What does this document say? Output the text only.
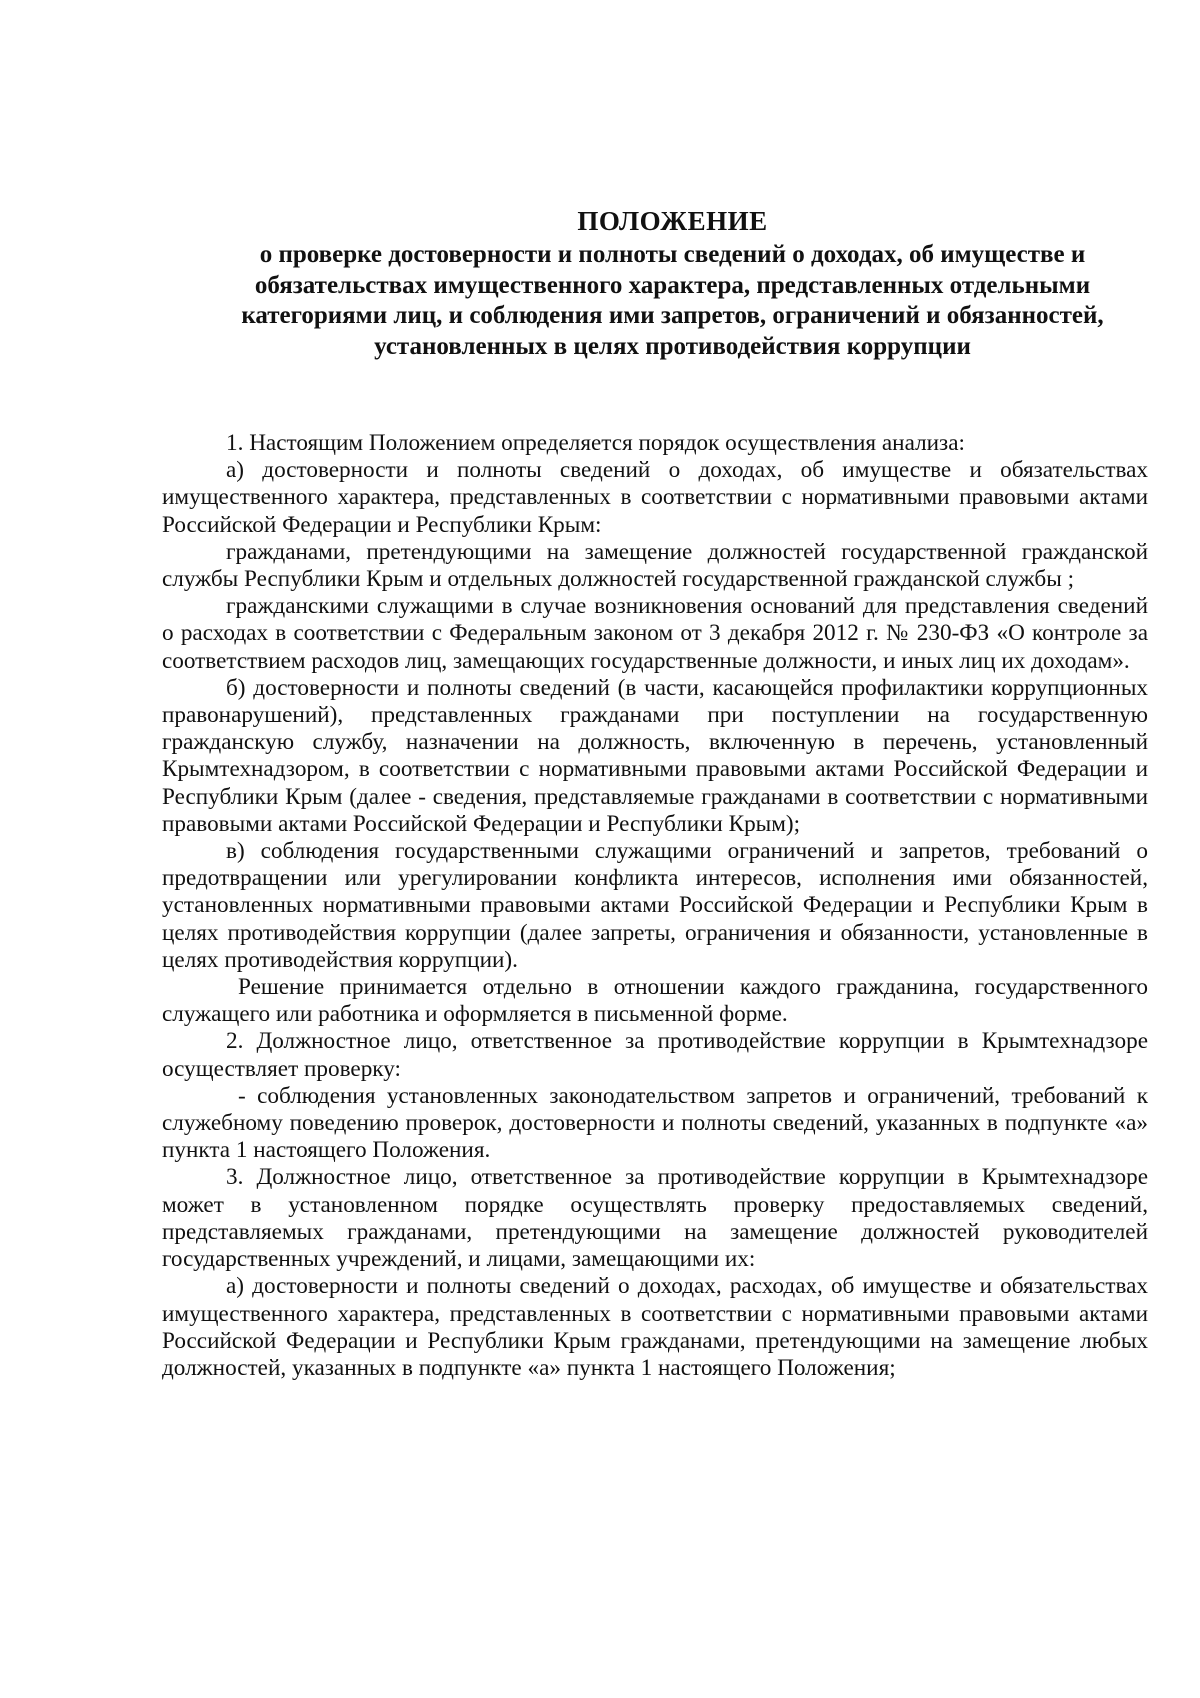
ПОЛОЖЕНИЕ
о проверке достоверности и полноты сведений о доходах, об имуществе и обязательствах имущественного характера, представленных отдельными категориями лиц, и соблюдения ими запретов, ограничений и обязанностей, установленных в целях противодействия коррупции

1. Настоящим Положением определяется порядок осуществления анализа:

а) достоверности и полноты сведений о доходах, об имуществе и обязательствах имущественного характера, представленных в соответствии с нормативными правовыми актами Российской Федерации и Республики Крым:

гражданами, претендующими на замещение должностей государственной гражданской службы Республики Крым и отдельных должностей государственной гражданской службы ;

гражданскими служащими в случае возникновения оснований для представления сведений о расходах в соответствии с Федеральным законом от 3 декабря 2012 г. № 230-ФЗ «О контроле за соответствием расходов лиц, замещающих государственные должности, и иных лиц их доходам».

б) достоверности и полноты сведений (в части, касающейся профилактики коррупционных правонарушений), представленных гражданами при поступлении на государственную гражданскую службу, назначении на должность, включенную в перечень, установленный Крымтехнадзором, в соответствии с нормативными правовыми актами Российской Федерации и Республики Крым (далее - сведения, представляемые гражданами в соответствии с нормативными правовыми актами Российской Федерации и Республики Крым);

в) соблюдения государственными служащими ограничений и запретов, требований о предотвращении или урегулировании конфликта интересов, исполнения ими обязанностей, установленных нормативными правовыми актами Российской Федерации и Республики Крым в целях противодействия коррупции (далее запреты, ограничения и обязанности, установленные в целях противодействия коррупции).

Решение принимается отдельно в отношении каждого гражданина, государственного служащего или работника и оформляется в письменной форме.

2. Должностное лицо, ответственное за противодействие коррупции в Крымтехнадзоре осуществляет проверку:

- соблюдения установленных законодательством запретов и ограничений, требований к служебному поведению проверок, достоверности и полноты сведений, указанных в подпункте «а» пункта 1 настоящего Положения.

3. Должностное лицо, ответственное за противодействие коррупции в Крымтехнадзоре может в установленном порядке осуществлять проверку предоставляемых сведений, представляемых гражданами, претендующими на замещение должностей руководителей государственных учреждений, и лицами, замещающими их:

а) достоверности и полноты сведений о доходах, расходах, об имуществе и обязательствах имущественного характера, представленных в соответствии с нормативными правовыми актами Российской Федерации и Республики Крым гражданами, претендующими на замещение любых должностей, указанных в подпункте «а» пункта 1 настоящего Положения;
